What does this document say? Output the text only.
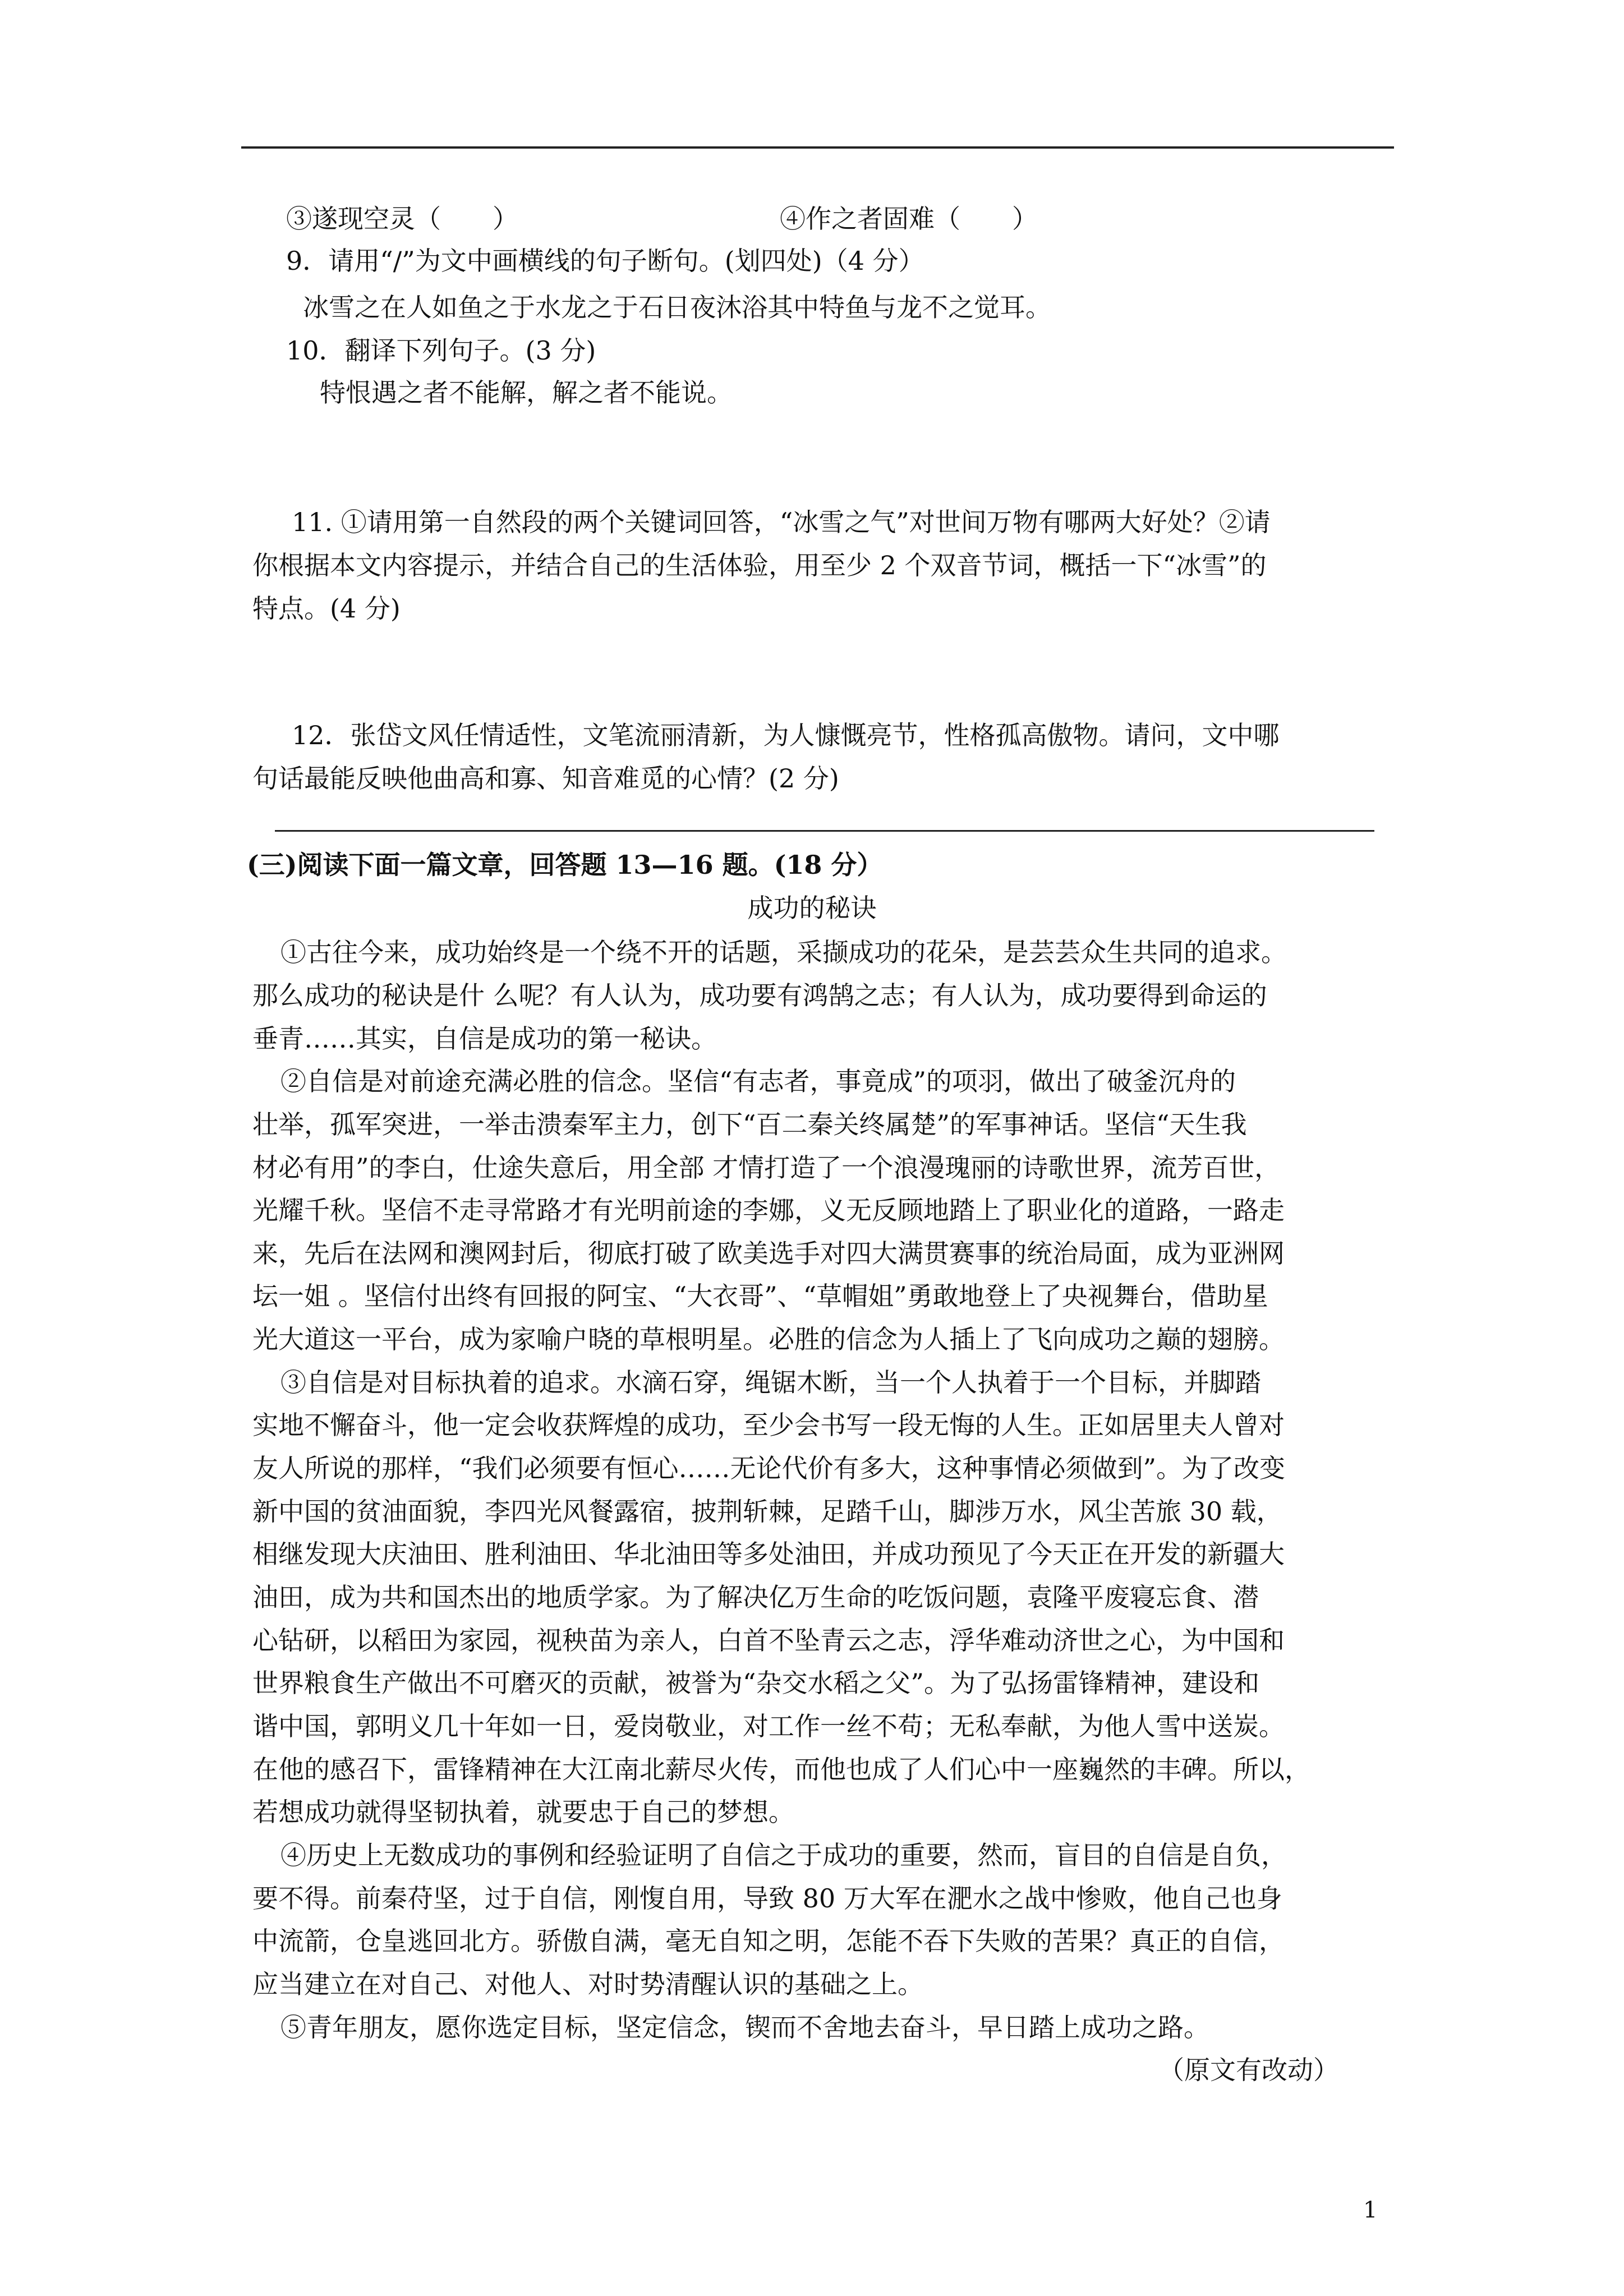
③遂现空灵（　　）	④作之者固难（　　）
9．请用“/”为文中画横线的句子断句。(划四处)（4 分）
冰雪之在人如鱼之于水龙之于石日夜沐浴其中特鱼与龙不之觉耳。
10．翻译下列句子。(3 分)
特恨遇之者不能解，解之者不能说。
11. ①请用第一自然段的两个关键词回答，“冰雪之气”对世间万物有哪两大好处？②请
你根据本文内容提示，并结合自己的生活体验，用至少 2 个双音节词，概括一下“冰雪”的
特点。(4 分)
12．张岱文风任情适性，文笔流丽清新，为人慷慨亮节，性格孤高傲物。请问，文中哪
句话最能反映他曲高和寡、知音难觅的心情？(2 分)
(三)阅读下面一篇文章，回答题 13—16 题。(18 分）
成功的秘诀
①古往今来，成功始终是一个绕不开的话题，采撷成功的花朵，是芸芸众生共同的追求。
那么成功的秘诀是什 么呢？有人认为，成功要有鸿鹄之志；有人认为，成功要得到命运的
垂青……其实，自信是成功的第一秘诀。
②自信是对前途充满必胜的信念。坚信“有志者，事竟成”的项羽，做出了破釜沉舟的
壮举，孤军突进，一举击溃秦军主力，创下“百二秦关终属楚”的军事神话。坚信“天生我
材必有用”的李白，仕途失意后，用全部 才情打造了一个浪漫瑰丽的诗歌世界，流芳百世，
光耀千秋。坚信不走寻常路才有光明前途的李娜，义无反顾地踏上了职业化的道路，一路走
来，先后在法网和澳网封后，彻底打破了欧美选手对四大满贯赛事的统治局面，成为亚洲网
坛一姐 。坚信付出终有回报的阿宝、“大衣哥”、“草帽姐”勇敢地登上了央视舞台，借助星
光大道这一平台，成为家喻户晓的草根明星。必胜的信念为人插上了飞向成功之巅的翅膀。
③自信是对目标执着的追求。水滴石穿，绳锯木断，当一个人执着于一个目标，并脚踏
实地不懈奋斗，他一定会收获辉煌的成功，至少会书写一段无悔的人生。正如居里夫人曾对
友人所说的那样，“我们必须要有恒心……无论代价有多大，这种事情必须做到”。为了改变
新中国的贫油面貌，李四光风餐露宿，披荆斩棘，足踏千山，脚涉万水，风尘苦旅 30 载，
相继发现大庆油田、胜利油田、华北油田等多处油田，并成功预见了今天正在开发的新疆大
油田，成为共和国杰出的地质学家。为了解决亿万生命的吃饭问题，袁隆平废寝忘食、潜
心钻研，以稻田为家园，视秧苗为亲人，白首不坠青云之志，浮华难动济世之心，为中国和
世界粮食生产做出不可磨灭的贡献，被誉为“杂交水稻之父”。为了弘扬雷锋精神，建设和
谐中国，郭明义几十年如一日，爱岗敬业，对工作一丝不苟；无私奉献，为他人雪中送炭。
在他的感召下，雷锋精神在大江南北薪尽火传，而他也成了人们心中一座巍然的丰碑。所以，
若想成功就得坚韧执着，就要忠于自己的梦想。
④历史上无数成功的事例和经验证明了自信之于成功的重要，然而，盲目的自信是自负，
要不得。前秦苻坚，过于自信，刚愎自用，导致 80 万大军在淝水之战中惨败，他自己也身
中流箭，仓皇逃回北方。骄傲自满，毫无自知之明，怎能不吞下失败的苦果？真正的自信，
应当建立在对自己、对他人、对时势清醒认识的基础之上。
⑤青年朋友，愿你选定目标，坚定信念，锲而不舍地去奋斗，早日踏上成功之路。
（原文有改动）
1
